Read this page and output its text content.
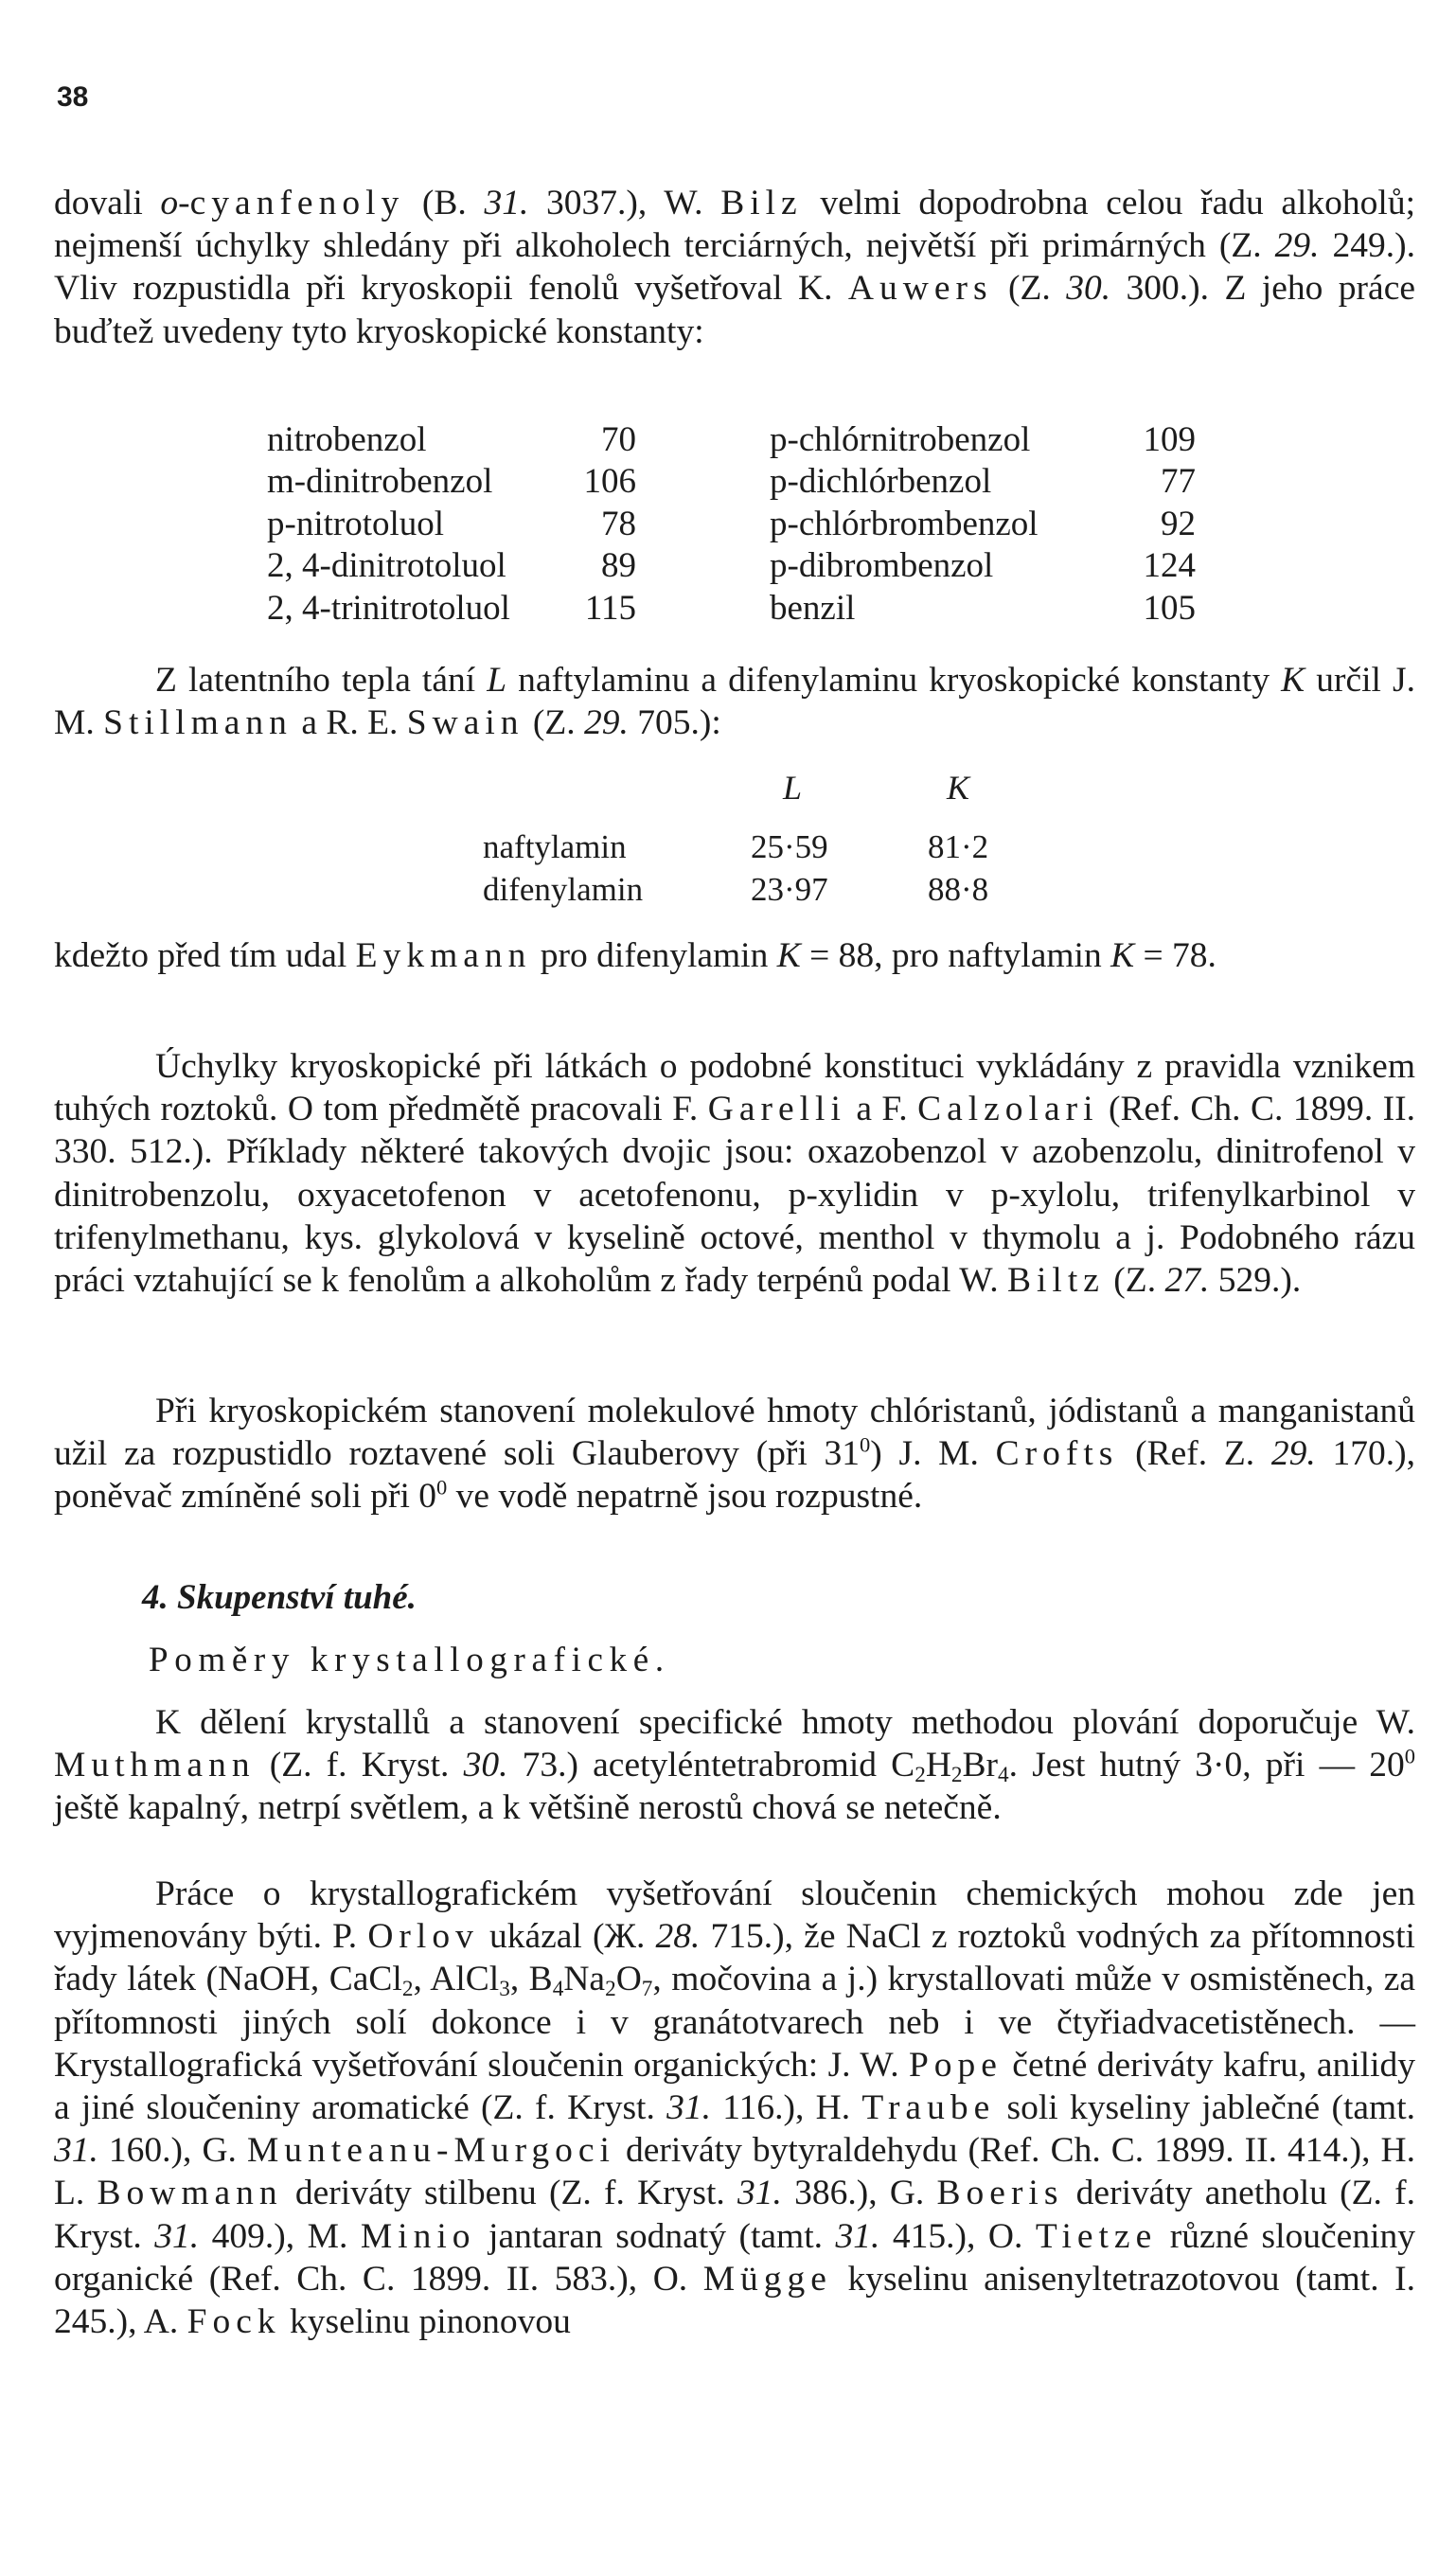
38

dovali o-cyanfenoly (B. 31. 3037.), W. Bilz velmi dopodrobna celou řadu alkoholů; nejmenší úchylky shledány při alkoholech terciárných, největší při primárných (Z. 29. 249.). Vliv rozpustidla při kryoskopii fenolů vyšetřoval K. Auwers (Z. 30. 300.). Z jeho práce buďtež uvedeny tyto kryoskopické konstanty:

nitrobenzol	70	p-chlórnitrobenzol	109
m-dinitrobenzol	106	p-dichlórbenzol	77
p-nitrotoluol	78	p-chlórbrombenzol	92
2, 4-dinitrotoluol	89	p-dibrombenzol	124
2, 4-trinitrotoluol	115	benzil	105

Z latentního tepla tání L naftylaminu a difenylaminu kryoskopické konstanty K určil J. M. Stillmann a R. E. Swain (Z. 29. 705.):

L	K
naftylamin	25·59	81·2
difenylamin	23·97	88·8

kdežto před tím udal Eykmann pro difenylamin K = 88, pro naftylamin K = 78.

Úchylky kryoskopické při látkách o podobné konstituci vykládány z pravidla vznikem tuhých roztoků. O tom předmětě pracovali F. Garelli a F. Calzolari (Ref. Ch. C. 1899. II. 330. 512.). Příklady některé takových dvojic jsou: oxazobenzol v azobenzolu, dinitrofenol v dinitrobenzolu, oxyacetofenon v acetofenonu, p-xylidin v p-xylolu, trifenylkarbinol v trifenylmethanu, kys. glykolová v kyselině octové, menthol v thymolu a j. Podobného rázu práci vztahující se k fenolům a alkoholům z řady terpénů podal W. Biltz (Z. 27. 529.).

Při kryoskopickém stanovení molekulové hmoty chlóristanů, jódistanů a manganistanů užil za rozpustidlo roztavené soli Glauberovy (při $31^0$) J. M. Crofts (Ref. Z. 29. 170.), poněvač zmíněné soli při $0^0$ ve vodě nepatrně jsou rozpustné.

4. Skupenství tuhé.
Poměry krystallografické.

K dělení krystallů a stanovení specifické hmoty methodou plování doporučuje W. Muthmann (Z. f. Kryst. 30. 73.) acetyléntetrabromid $C_2H_2Br_4$. Jest hutný 3·0, při — $20^0$ ještě kapalný, netrpí světlem, a k většině nerostů chová se netečně.

Práce o krystallografickém vyšetřování sloučenin chemických mohou zde jen vyjmenovány býti. P. Orlov ukázal (Ж. 28. 715.), že NaCl z roztoků vodných za přítomnosti řady látek (NaOH, CaCl$_2$, AlCl$_3$, $B_4Na_2O_7$, močovina a j.) krystallovati může v osmistěnech, za přítomnosti jiných solí dokonce i v granátotvarech neb i ve čtyřiadvacetistěnech. — Krystallografická vyšetřování sloučenin organických: J. W. Pope četné deriváty kafru, anilidy a jiné sloučeniny aromatické (Z. f. Kryst. 31. 116.), H. Traube soli kyseliny jablečné (tamt. 31. 160.), G. Munteanu-Murgoci deriváty bytyraldehydu (Ref. Ch. C. 1899. II. 414.), H. L. Bowmann deriváty stilbenu (Z. f. Kryst. 31. 386.), G. Boeris deriváty anetholu (Z. f. Kryst. 31. 409.), M. Minio jantaran sodnatý (tamt. 31. 415.), O. Tietze různé sloučeniny organické (Ref. Ch. C. 1899. II. 583.), O. Mügge kyselinu anisenyltetrazotovou (tamt. I. 245.), A. Fock kyselinu pinonovou
